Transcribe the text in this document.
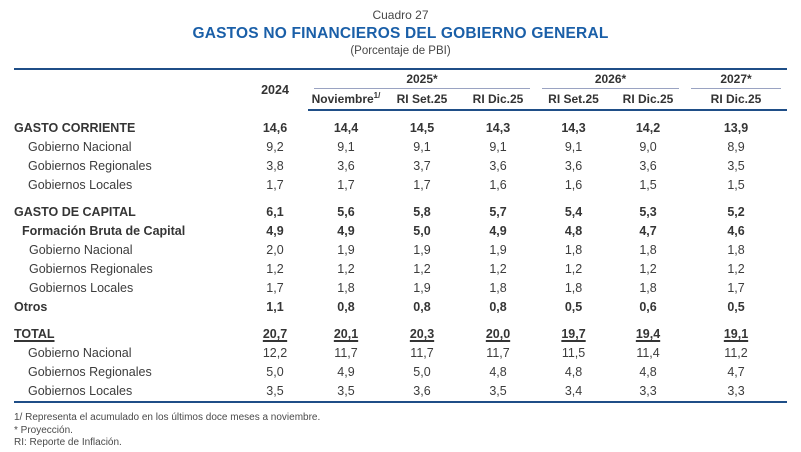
Cuadro 27
GASTOS NO FINANCIEROS DEL GOBIERNO GENERAL
(Porcentaje de PBI)
	2024	2025*			2026*		2027*

		Noviembre$^{1/}$	RI Set.25	RI Dic.25	RI Set.25	RI Dic.25	RI Dic.25
GASTO CORRIENTE	14,6	14,4	14,5	14,3	14,3	14,2	13,9
Gobierno Nacional	9,2	9,1	9,1	9,1	9,1	9,0	8,9
Gobiernos Regionales	3,8	3,6	3,7	3,6	3,6	3,6	3,5
Gobiernos Locales	1,7	1,7	1,7	1,6	1,6	1,5	1,5
GASTO DE CAPITAL	6,1	5,6	5,8	5,7	5,4	5,3	5,2
Formación Bruta de Capital	4,9	4,9	5,0	4,9	4,8	4,7	4,6
Gobierno Nacional	2,0	1,9	1,9	1,9	1,8	1,8	1,8
Gobiernos Regionales	1,2	1,2	1,2	1,2	1,2	1,2	1,2
Gobiernos Locales	1,7	1,8	1,9	1,8	1,8	1,8	1,7
Otros	1,1	0,8	0,8	0,8	0,5	0,6	0,5
TOTAL	20,7	20,1	20,3	20,0	19,7	19,4	19,1
Gobierno Nacional	12,2	11,7	11,7	11,7	11,5	11,4	11,2
Gobiernos Regionales	5,0	4,9	5,0	4,8	4,8	4,8	4,7
Gobiernos Locales	3,5	3,5	3,6	3,5	3,4	3,3	3,3
1/ Representa el acumulado en los últimos doce meses a noviembre.
* Proyección.
RI: Reporte de Inflación.
